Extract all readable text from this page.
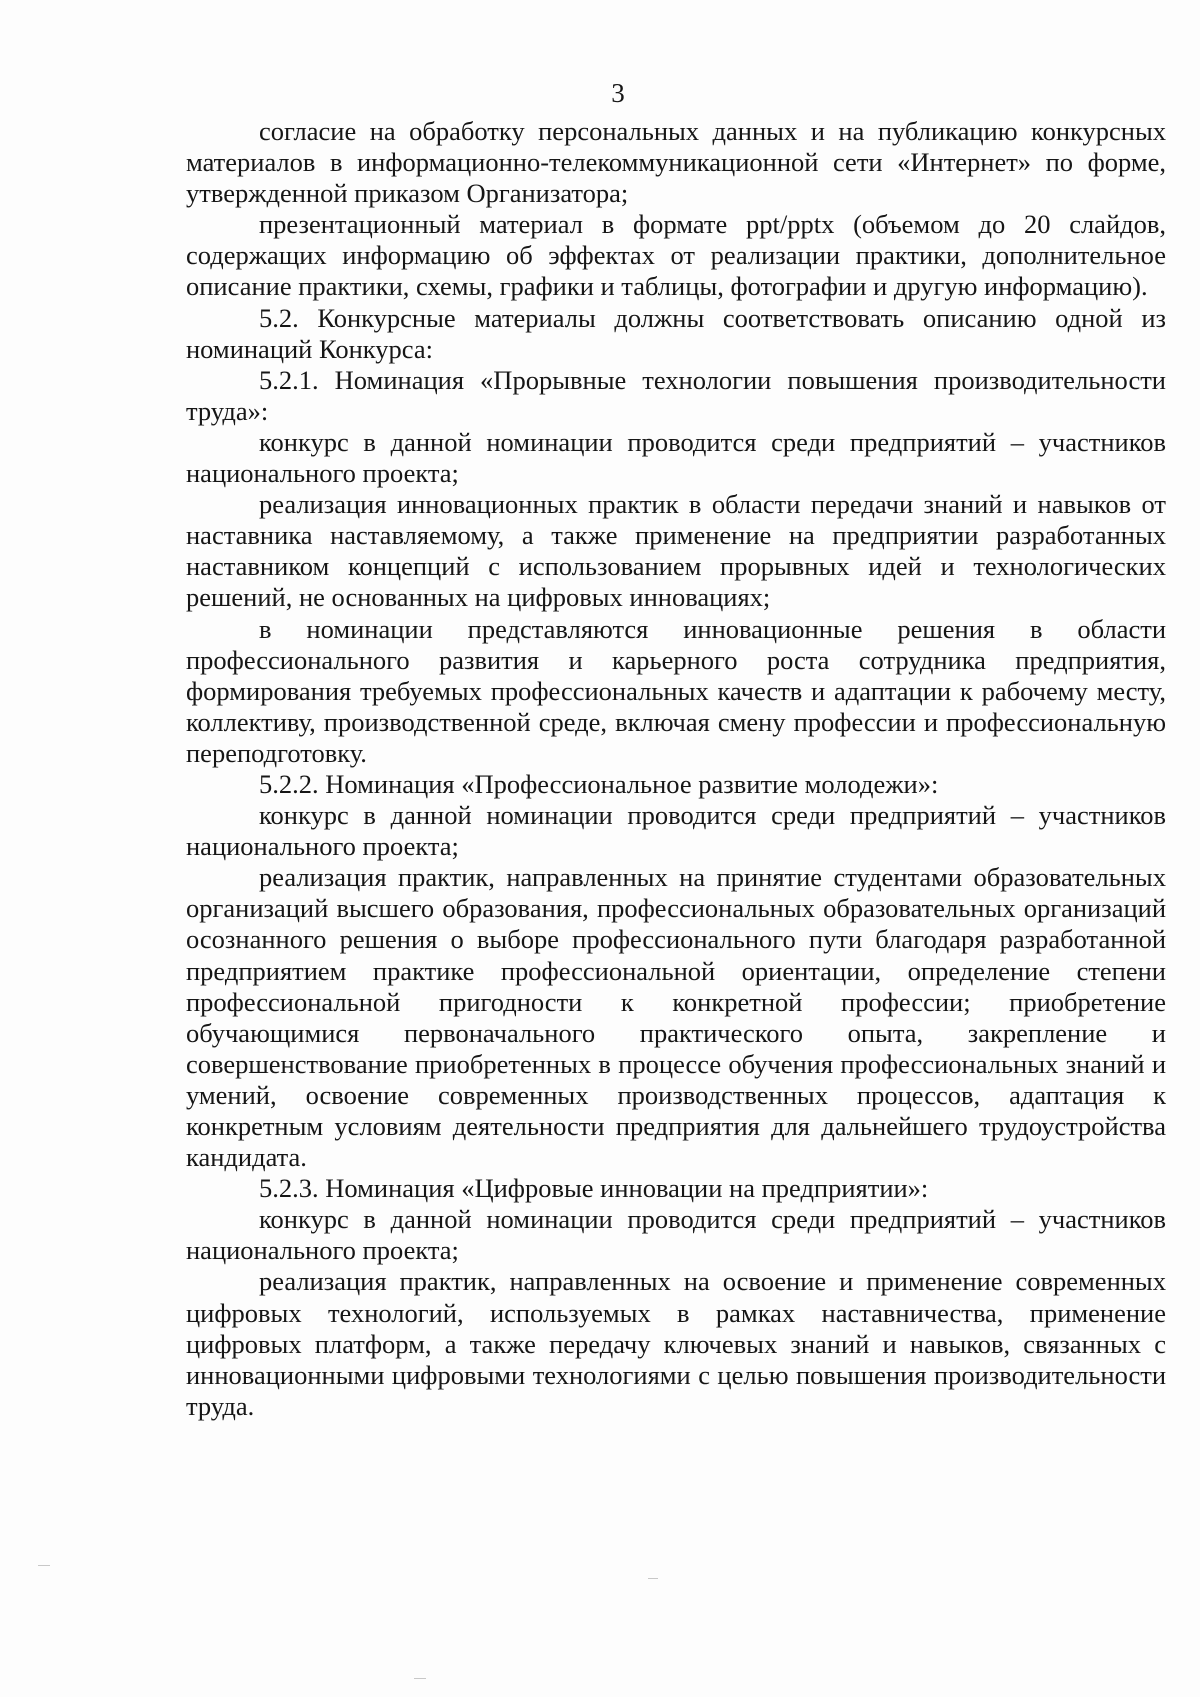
3

согласие на обработку персональных данных и на публикацию конкурсных материалов в информационно-телекоммуникационной сети «Интернет» по форме, утвержденной приказом Организатора;

презентационный материал в формате ppt/pptx (объемом до 20 слайдов, содержащих информацию об эффектах от реализации практики, дополнительное описание практики, схемы, графики и таблицы, фотографии и другую информацию).

5.2. Конкурсные материалы должны соответствовать описанию одной из номинаций Конкурса:

5.2.1. Номинация «Прорывные технологии повышения производительности труда»:

конкурс в данной номинации проводится среди предприятий – участников национального проекта;

реализация инновационных практик в области передачи знаний и навыков от наставника наставляемому, а также применение на предприятии разработанных наставником концепций с использованием прорывных идей и технологических решений, не основанных на цифровых инновациях;

в номинации представляются инновационные решения в области профессионального развития и карьерного роста сотрудника предприятия, формирования требуемых профессиональных качеств и адаптации к рабочему месту, коллективу, производственной среде, включая смену профессии и профессиональную переподготовку.

5.2.2. Номинация «Профессиональное развитие молодежи»:

конкурс в данной номинации проводится среди предприятий – участников национального проекта;

реализация практик, направленных на принятие студентами образовательных организаций высшего образования, профессиональных образовательных организаций осознанного решения о выборе профессионального пути благодаря разработанной предприятием практике профессиональной ориентации, определение степени профессиональной пригодности к конкретной профессии; приобретение обучающимися первоначального практического опыта, закрепление и совершенствование приобретенных в процессе обучения профессиональных знаний и умений, освоение современных производственных процессов, адаптация к конкретным условиям деятельности предприятия для дальнейшего трудоустройства кандидата.

5.2.3. Номинация «Цифровые инновации на предприятии»:

конкурс в данной номинации проводится среди предприятий – участников национального проекта;

реализация практик, направленных на освоение и применение современных цифровых технологий, используемых в рамках наставничества, применение цифровых платформ, а также передачу ключевых знаний и навыков, связанных с инновационными цифровыми технологиями с целью повышения производительности труда.
